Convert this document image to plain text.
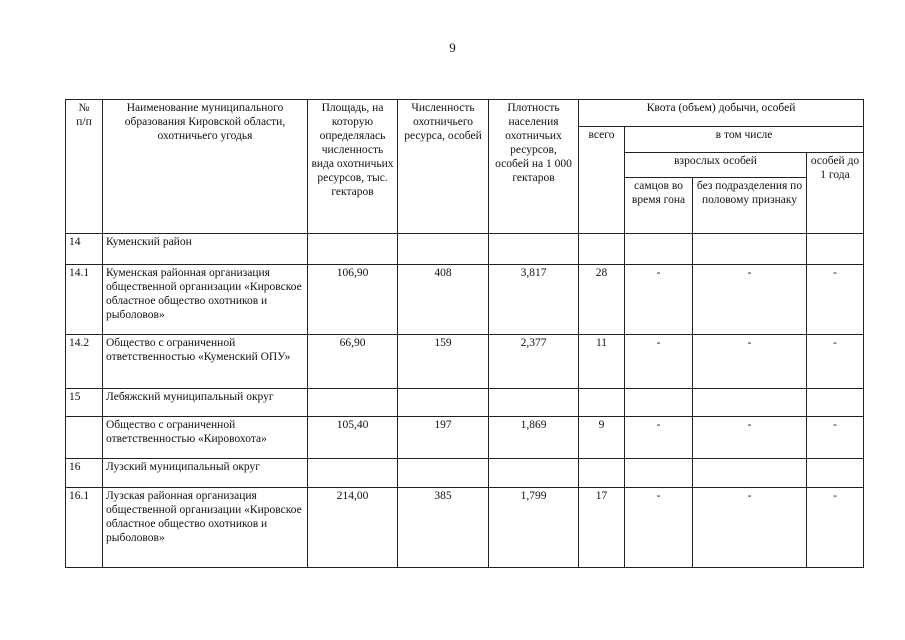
9
№
п/п	Наименование муниципального образования Кировской области, охотничьего угодья	Площадь, на которую определялась численность вида охотничьих ресурсов, тыс. гектаров	Численность охотничьего ресурса, особей	Плотность населения охотничьих ресурсов, особей на 1 000 гектаров	Квота (объем) добычи, особей			
					всего	в том числе		
						взрослых особей		особей до 1 года
						самцов во время гона	без подразделения по половому признаку	
14	Куменский район							
14.1	Куменская районная организация общественной организации «Кировское областное общество охотников и рыболовов»	106,90	408	3,817	28	-	-	-
14.2	Общество с ограниченной ответственностью «Куменский ОПУ»	66,90	159	2,377	11	-	-	-
15	Лебяжский муниципальный округ							
	Общество с ограниченной ответственностью «Кировохота»	105,40	197	1,869	9	-	-	-
16	Лузский муниципальный округ							
16.1	Лузская районная организация общественной организации «Кировское областное общество охотников и рыболовов»	214,00	385	1,799	17	-	-	-
